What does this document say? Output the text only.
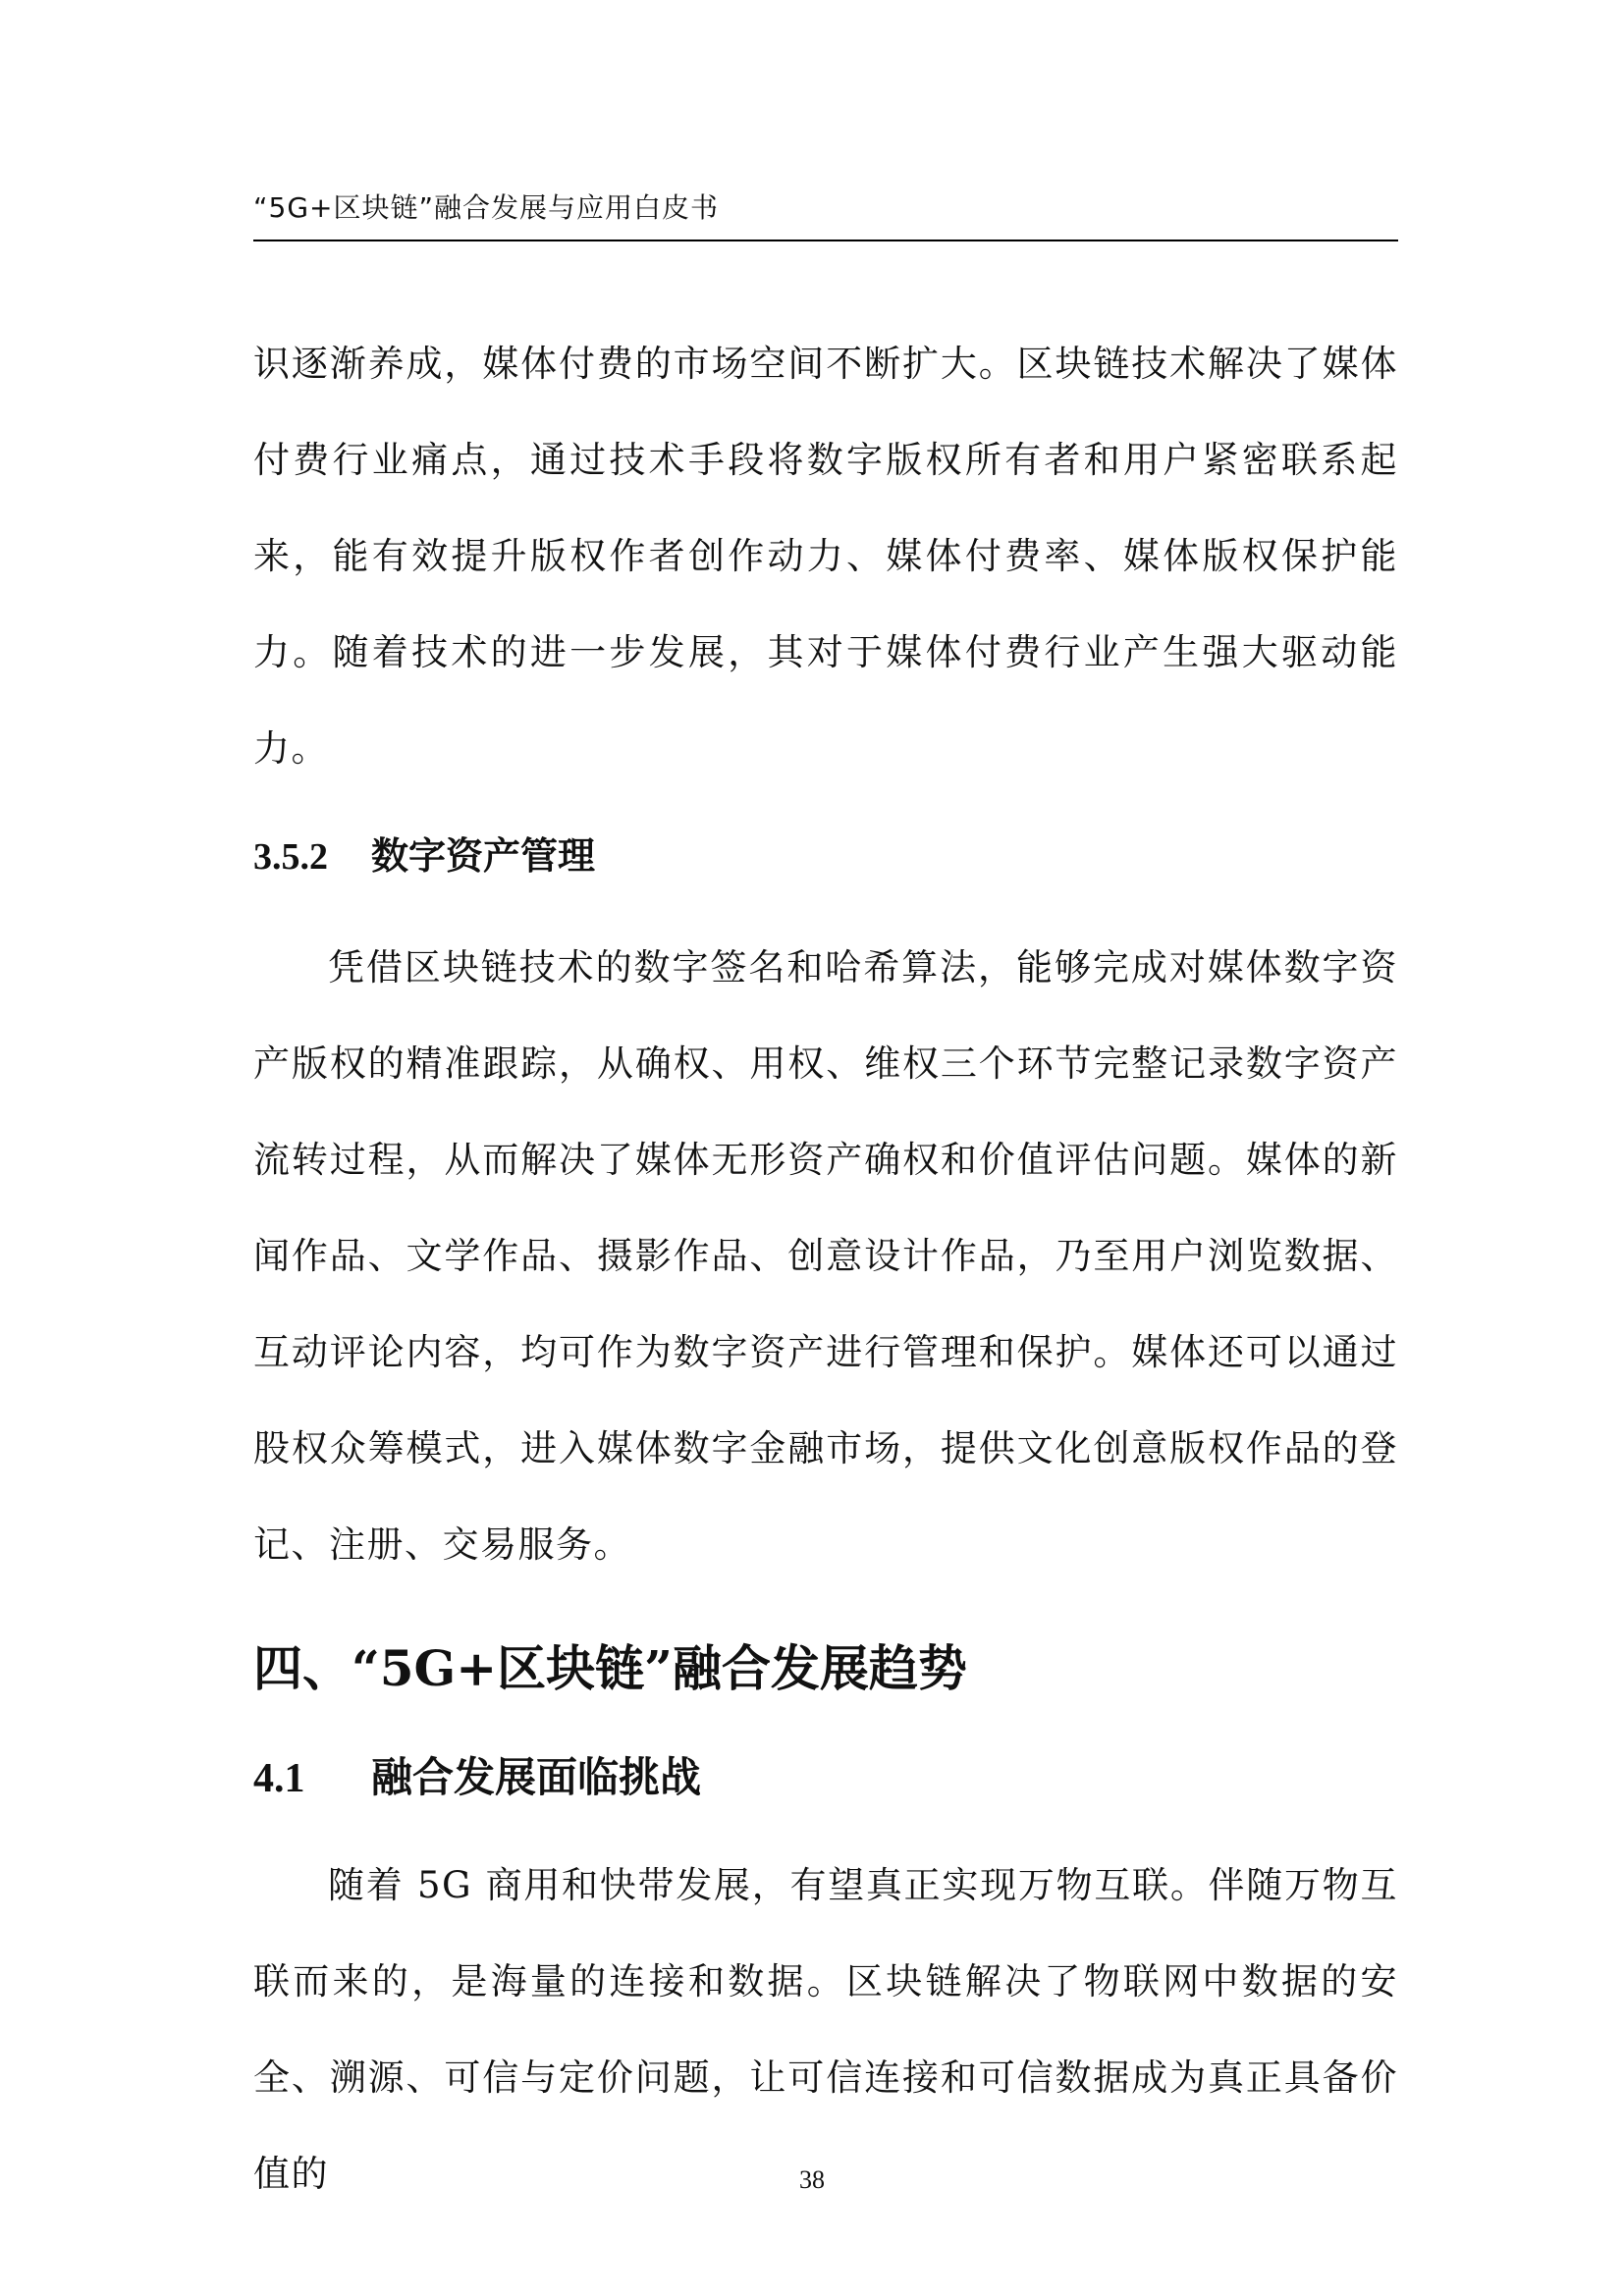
“5G+区块链”融合发展与应用白皮书

识逐渐养成，媒体付费的市场空间不断扩大。区块链技术解决了媒体付费行业痛点，通过技术手段将数字版权所有者和用户紧密联系起来，能有效提升版权作者创作动力、媒体付费率、媒体版权保护能力。随着技术的进一步发展，其对于媒体付费行业产生强大驱动能力。

3.5.2 数字资产管理

凭借区块链技术的数字签名和哈希算法，能够完成对媒体数字资产版权的精准跟踪，从确权、用权、维权三个环节完整记录数字资产流转过程，从而解决了媒体无形资产确权和价值评估问题。媒体的新闻作品、文学作品、摄影作品、创意设计作品，乃至用户浏览数据、互动评论内容，均可作为数字资产进行管理和保护。媒体还可以通过股权众筹模式，进入媒体数字金融市场，提供文化创意版权作品的登记、注册、交易服务。

四、“5G+区块链”融合发展趋势
4.1 融合发展面临挑战

随着 5G 商用和快带发展，有望真正实现万物互联。伴随万物互联而来的，是海量的连接和数据。区块链解决了物联网中数据的安全、溯源、可信与定价问题，让可信连接和可信数据成为真正具备价值的	38
